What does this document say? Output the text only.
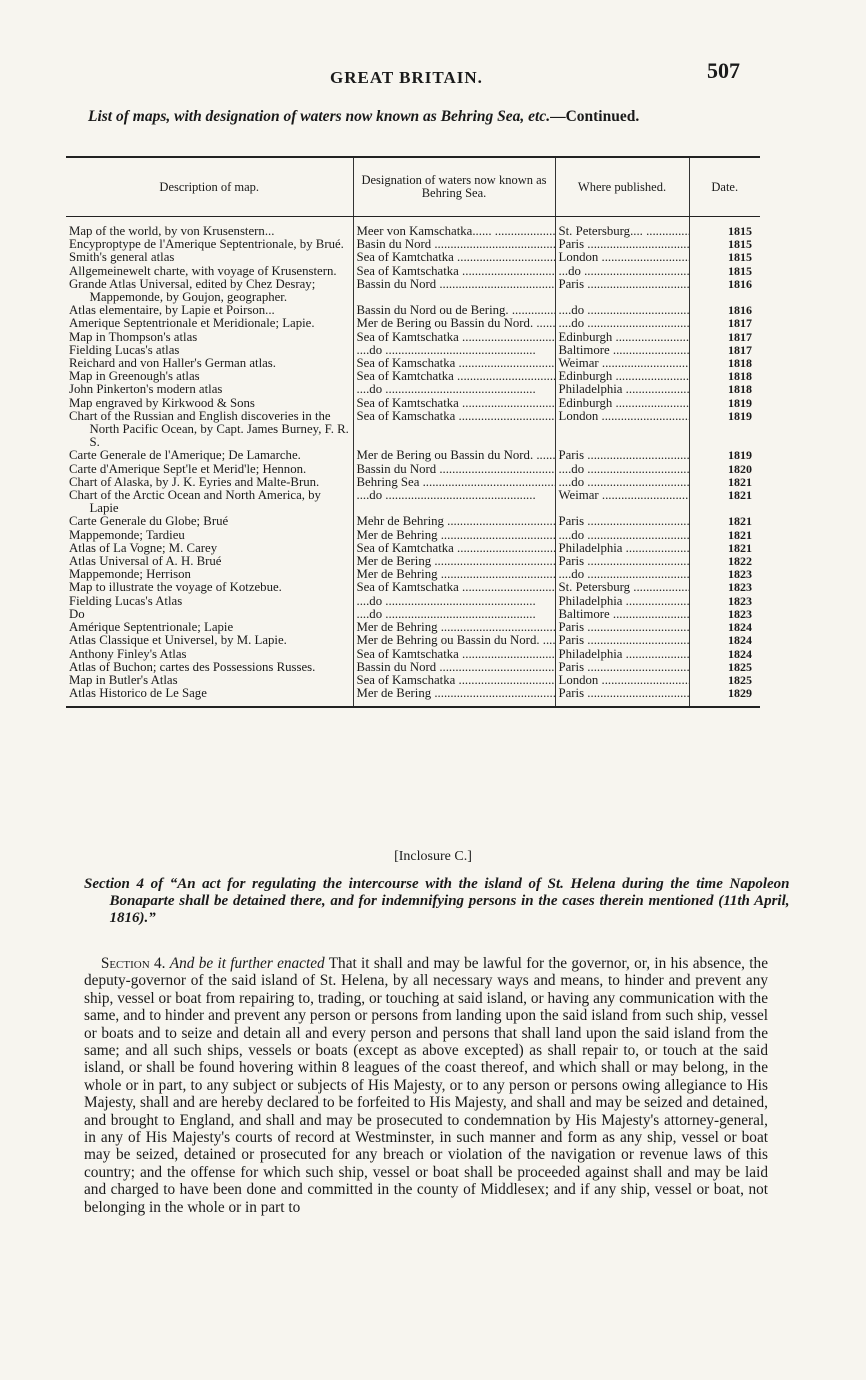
GREAT BRITAIN.	507
List of maps, with designation of waters now known as Behring Sea, etc.—Continued.
Description of map.	Designation of waters now known as Behring Sea.	Where published.	Date.

Map of the world, by von Krusenstern...	Meer von Kamschatka...... .....	St. Petersburg.... .....	1815

Encyproptype de l'Amerique Septentrionale, by Brué.	Basin du Nord .....	Paris .....	1815

Smith's general atlas	Sea of Kamtchatka .....	London .....	1815

Allgemeinewelt charte, with voyage of Krusenstern.	Sea of Kamtschatka .....	...do .....	1815

Grande Atlas Universal, edited by Chez Desray; Mappemonde, by Goujon, geographer.	Bassin du Nord .....	Paris .....	1816

Atlas elementaire, by Lapie et Poirson...	Bassin du Nord ou de Bering. .....	....do .....	1816

Amerique Septentrionale et Meridionale; Lapie.	Mer de Bering ou Bassin du Nord. .....	....do .....	1817

Map in Thompson's atlas	Sea of Kamtschatka .....	Edinburgh .....	1817

Fielding Lucas's atlas	....do .....	Baltimore .....	1817

Reichard and von Haller's German atlas.	Sea of Kamschatka .....	Weimar .....	1818

Map in Greenough's atlas	Sea of Kamtchatka .....	Edinburgh .....	1818

John Pinkerton's modern atlas	....do .....	Philadelphia .....	1818

Map engraved by Kirkwood & Sons	Sea of Kamtschatka .....	Edinburgh .....	1819

Chart of the Russian and English discoveries in the North Pacific Ocean, by Capt. James Burney, F. R. S.	Sea of Kamschatka .....	London .....	1819

Carte Generale de l'Amerique; De Lamarche.	Mer de Bering ou Bassin du Nord. .....	Paris .....	1819

Carte d'Amerique Sept'le et Merid'le; Hennon.	Bassin du Nord .....	....do .....	1820

Chart of Alaska, by J. K. Eyries and Malte-Brun.	Behring Sea .....	....do .....	1821

Chart of the Arctic Ocean and North America, by Lapie	....do .....	Weimar .....	1821

Carte Generale du Globe; Brué	Mehr de Behring .....	Paris .....	1821

Mappemonde; Tardieu	Mer de Behring .....	....do .....	1821

Atlas of La Vogne; M. Carey	Sea of Kamtchatka .....	Philadelphia .....	1821

Atlas Universal of A. H. Brué	Mer de Bering .....	Paris .....	1822

Mappemonde; Herrison	Mer de Behring .....	....do .....	1823

Map to illustrate the voyage of Kotzebue.	Sea of Kamtschatka .....	St. Petersburg .....	1823

Fielding Lucas's Atlas	....do .....	Philadelphia .....	1823

Do	....do .....	Baltimore .....	1823

Amérique Septentrionale; Lapie	Mer de Behring .....	Paris .....	1824

Atlas Classique et Universel, by M. Lapie.	Mer de Behring ou Bassin du Nord. .....	Paris .....	1824

Anthony Finley's Atlas	Sea of Kamtschatka .....	Philadelphia .....	1824

Atlas of Buchon; cartes des Possessions Russes.	Bassin du Nord .....	Paris .....	1825

Map in Butler's Atlas	Sea of Kamschatka .....	London .....	1825

Atlas Historico de Le Sage	Mer de Bering .....	Paris .....	1829
[Inclosure C.]
Section 4 of “An act for regulating the intercourse with the island of St. Helena during the time Napoleon Bonaparte shall be detained there, and for indemnifying persons in the cases therein mentioned (11th April, 1816).”
Section 4. And be it further enacted That it shall and may be lawful for the governor, or, in his absence, the deputy-governor of the said island of St. Helena, by all necessary ways and means, to hinder and prevent any ship, vessel or boat from repairing to, trading, or touching at said island, or having any communication with the same, and to hinder and prevent any person or persons from landing upon the said island from such ship, vessel or boats and to seize and detain all and every person and persons that shall land upon the said island from the same; and all such ships, vessels or boats (except as above excepted) as shall repair to, or touch at the said island, or shall be found hovering within 8 leagues of the coast thereof, and which shall or may belong, in the whole or in part, to any subject or subjects of His Majesty, or to any person or persons owing allegiance to His Majesty, shall and are hereby declared to be forfeited to His Majesty, and shall and may be seized and detained, and brought to England, and shall and may be prosecuted to condemnation by His Majesty's attorney-general, in any of His Majesty's courts of record at Westminster, in such manner and form as any ship, vessel or boat may be seized, detained or prosecuted for any breach or violation of the navigation or revenue laws of this country; and the offense for which such ship, vessel or boat shall be proceeded against shall and may be laid and charged to have been done and committed in the county of Middlesex; and if any ship, vessel or boat, not belonging in the whole or in part to
